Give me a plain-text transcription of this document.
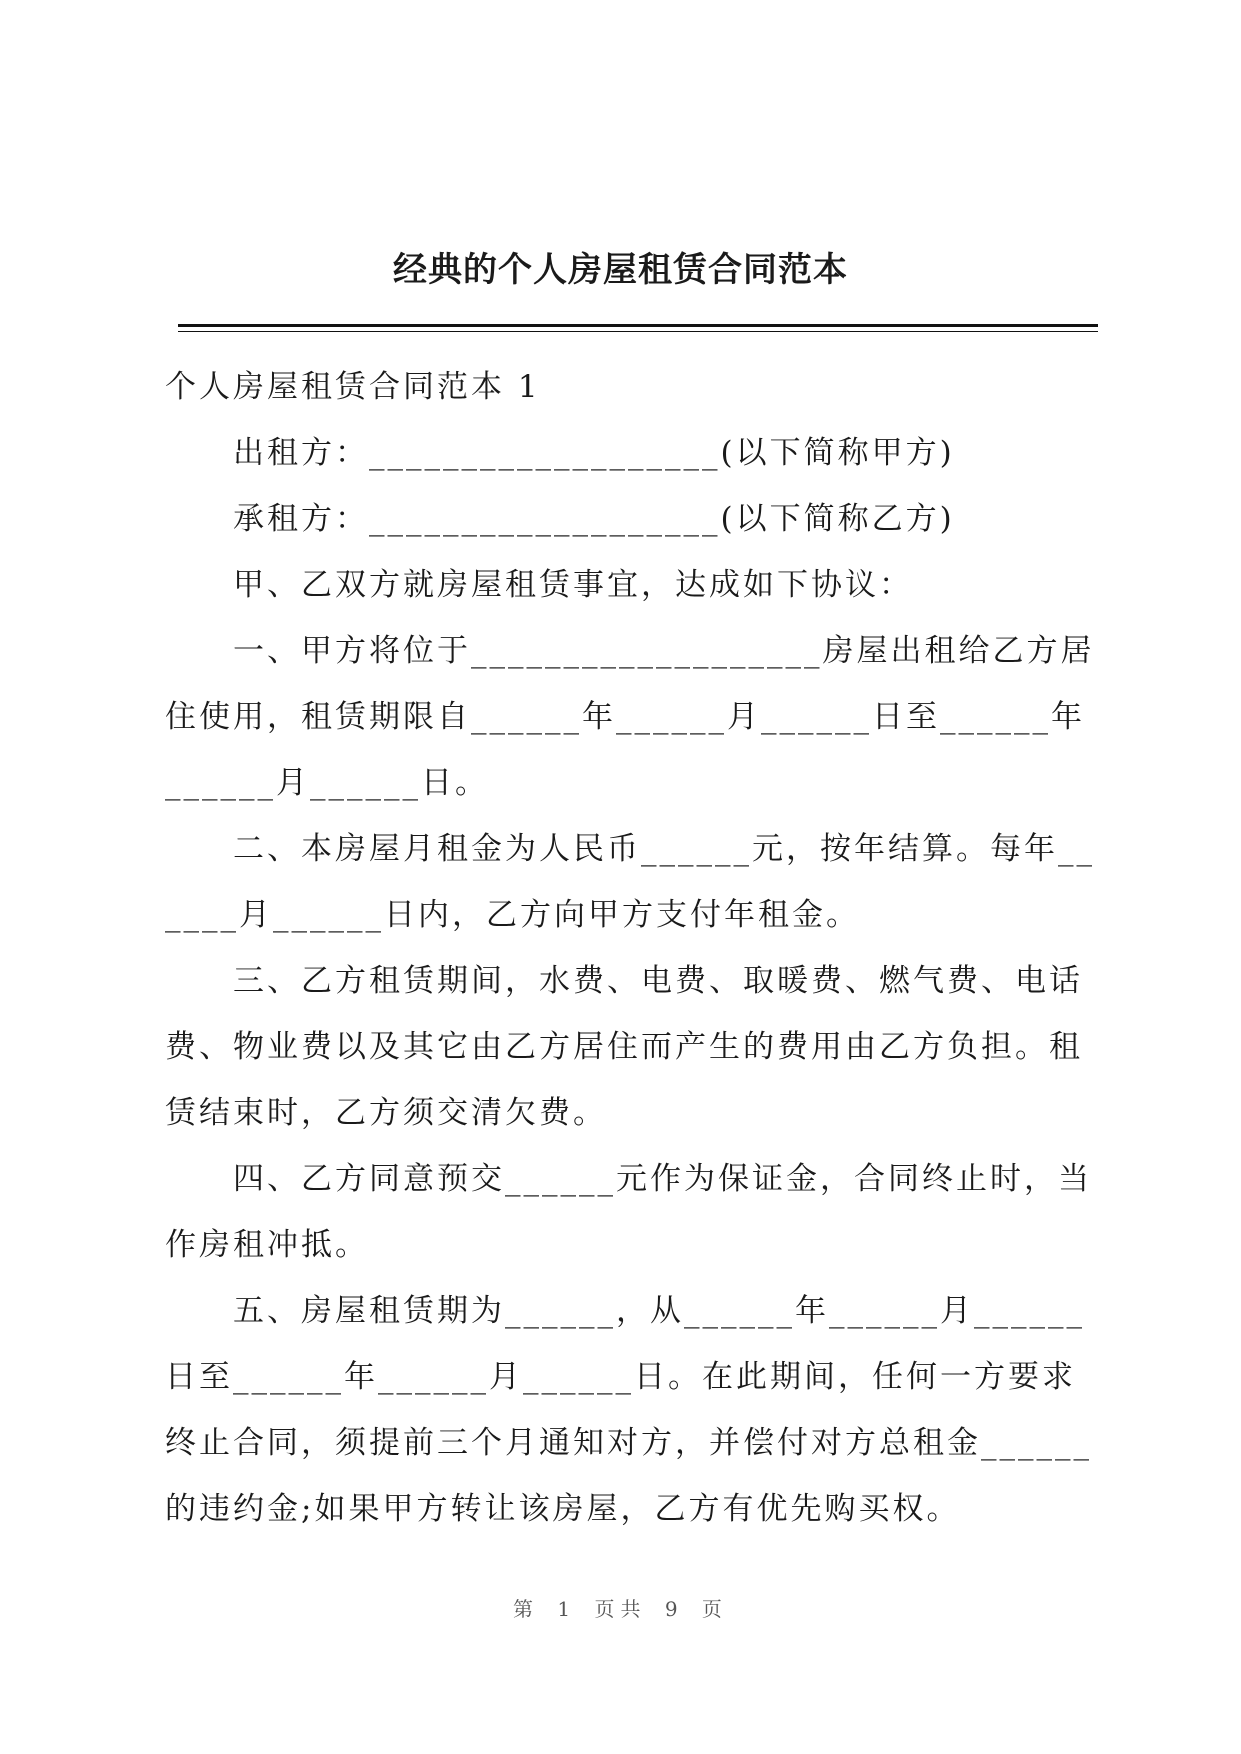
经典的个人房屋租赁合同范本

个人房屋租赁合同范本 1

出租方：___________________(以下简称甲方)

承租方：___________________(以下简称乙方)

甲、乙双方就房屋租赁事宜，达成如下协议：

一、甲方将位于___________________房屋出租给乙方居住使用，租赁期限自______年______月______日至______年______月______日。

二、本房屋月租金为人民币______元，按年结算。每年______月______日内，乙方向甲方支付年租金。

三、乙方租赁期间，水费、电费、取暖费、燃气费、电话费、物业费以及其它由乙方居住而产生的费用由乙方负担。租赁结束时，乙方须交清欠费。

四、乙方同意预交______元作为保证金，合同终止时，当作房租冲抵。

五、房屋租赁期为______，从______年______月______日至______年______月______日。在此期间，任何一方要求终止合同，须提前三个月通知对方，并偿付对方总租金______的违约金;如果甲方转让该房屋，乙方有优先购买权。

第 1 页共 9 页
